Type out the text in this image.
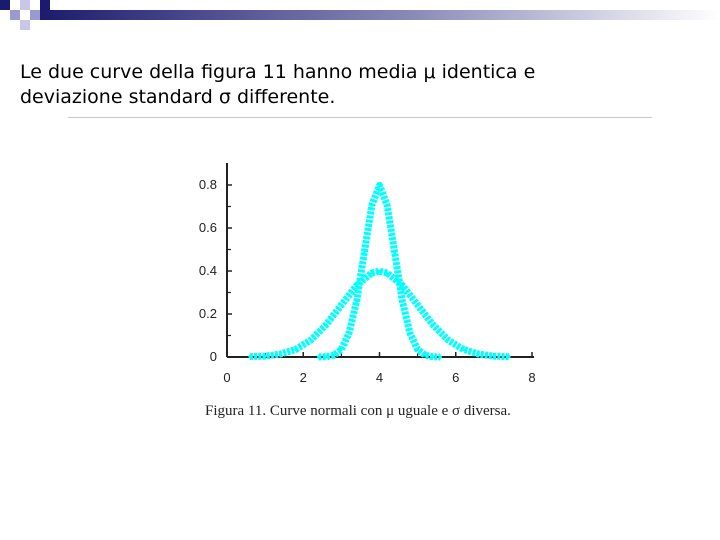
Le due curve della figura 11 hanno media μ identica e
deviazione standard σ differente.
0	2	4	6	8
0
0.2
0.4
0.6
0.8
Figura 11. Curve normali con μ uguale e σ diversa.
